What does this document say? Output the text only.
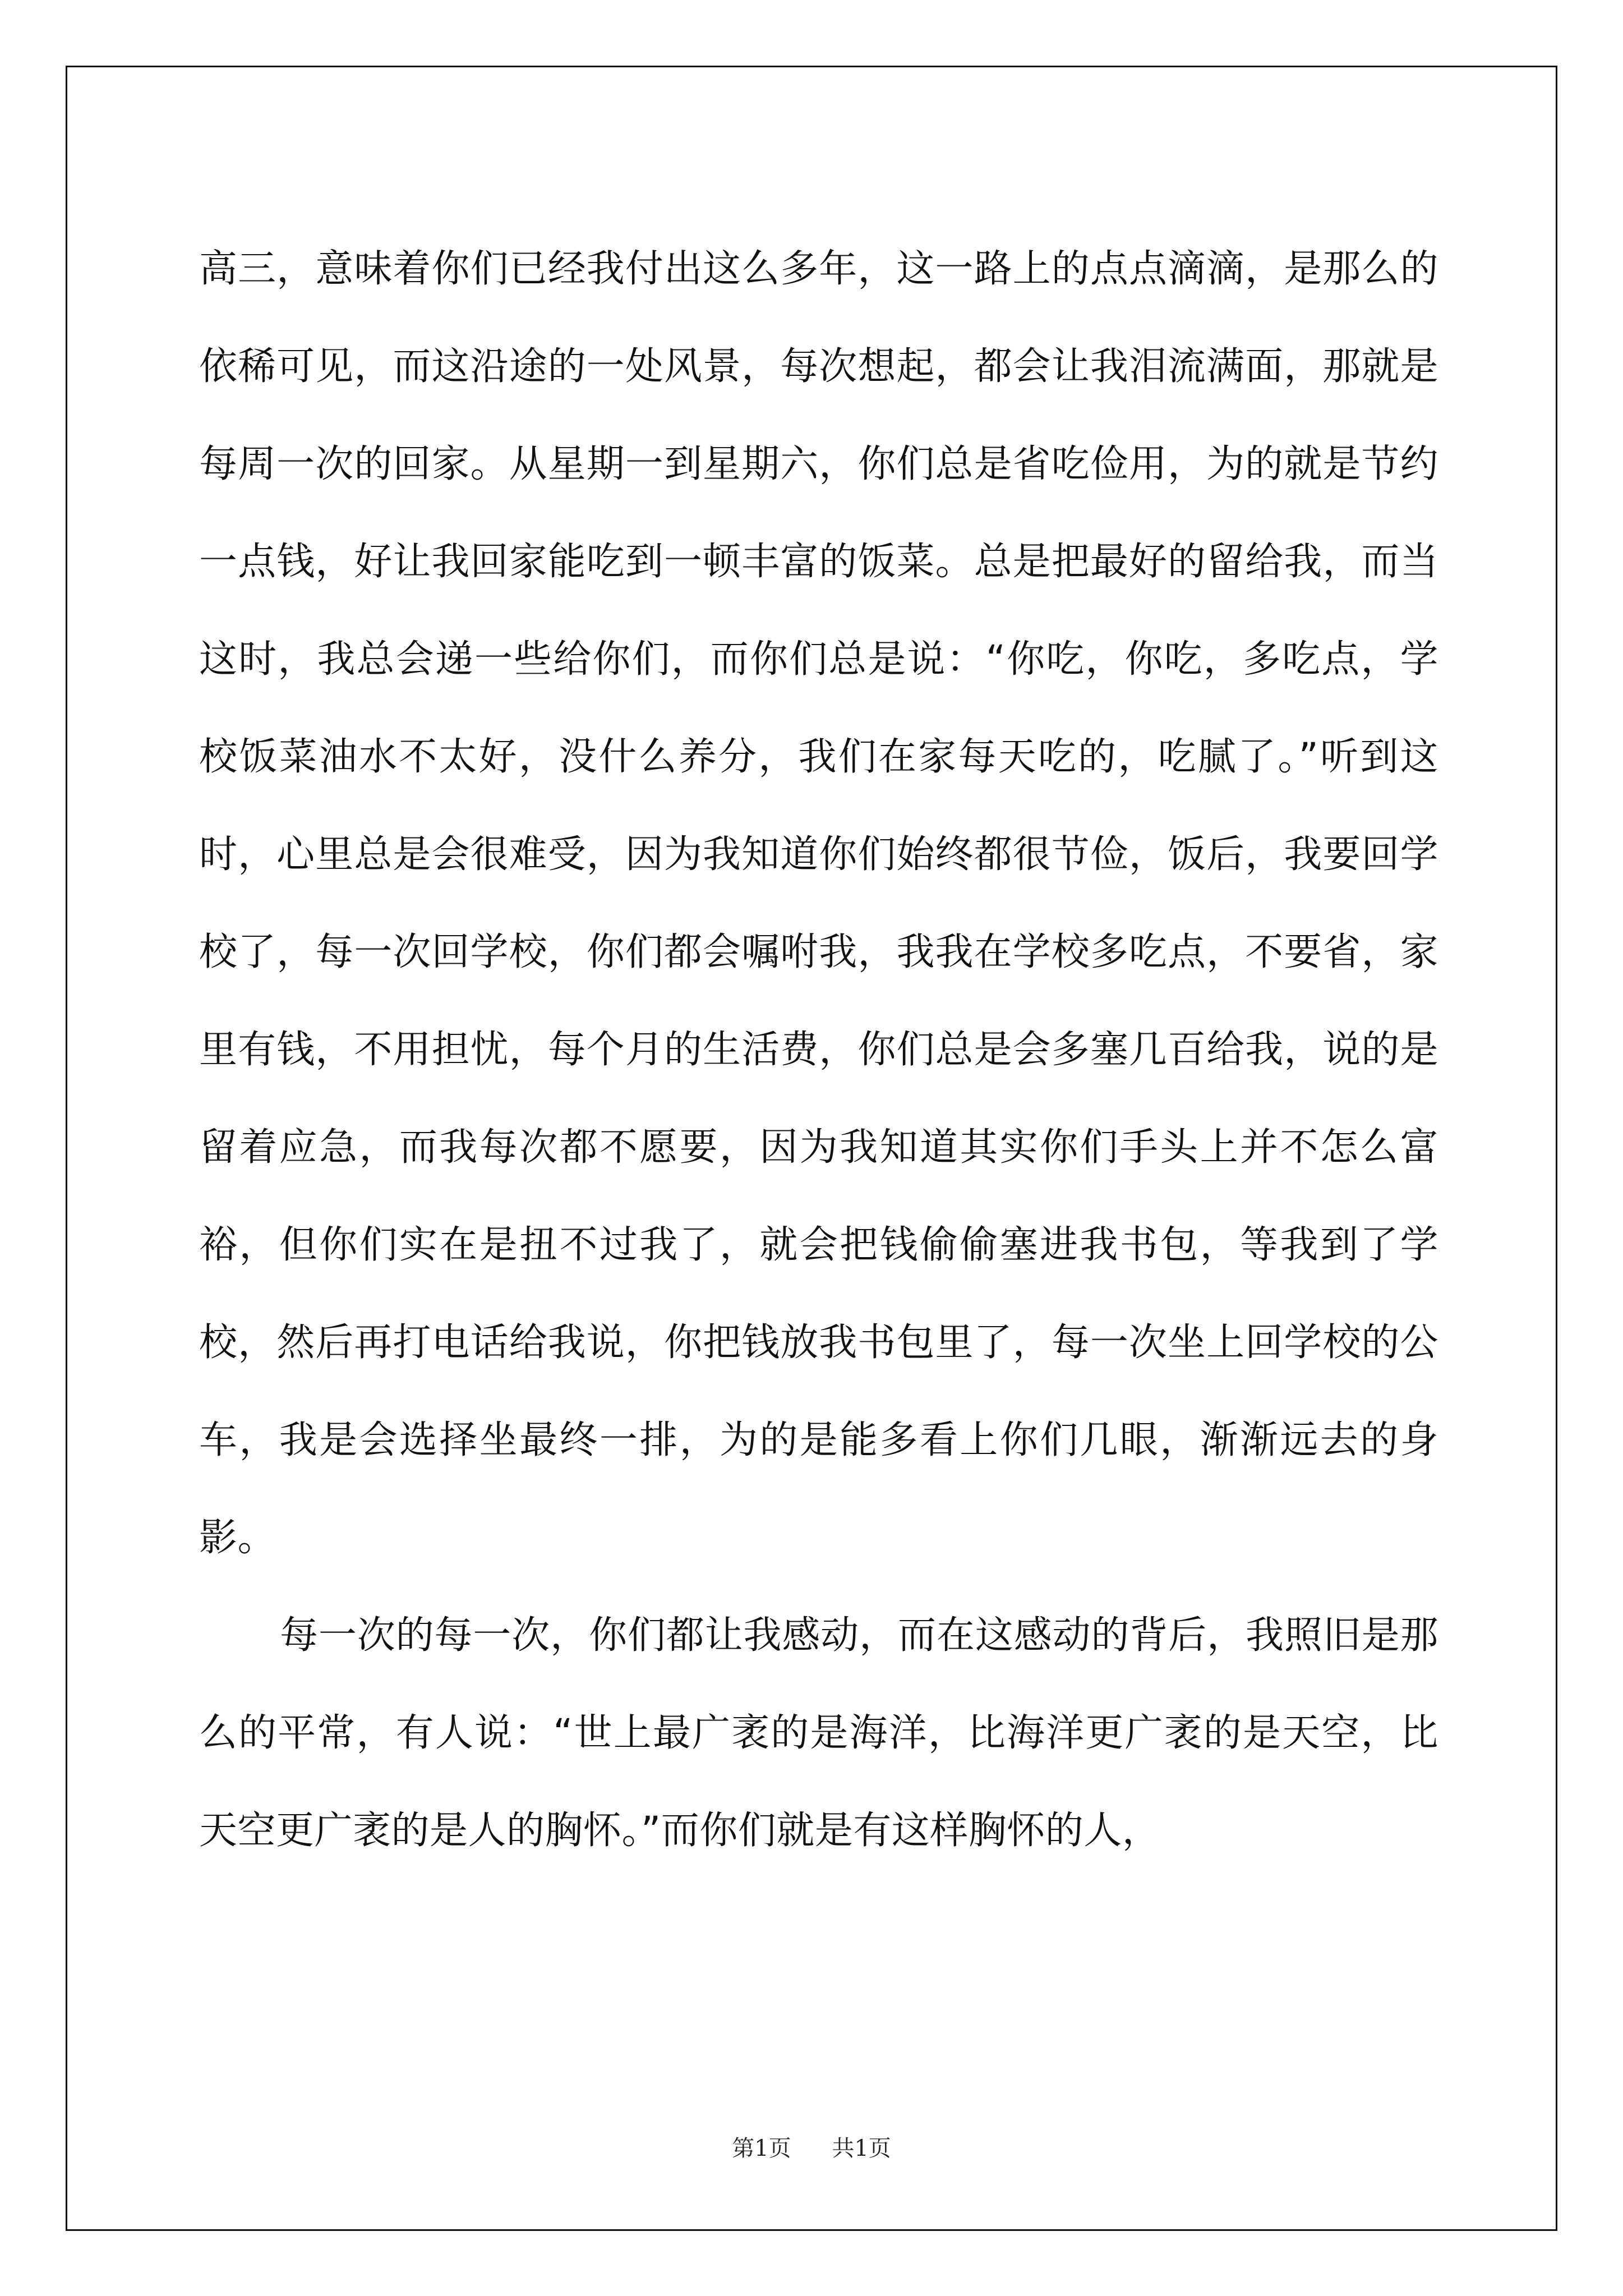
高三，意味着你们已经我付出这么多年，这一路上的点点滴滴，是那么的依稀可见，而这沿途的一处风景，每次想起，都会让我泪流满面，那就是每周一次的回家。从星期一到星期六，你们总是省吃俭用，为的就是节约一点钱，好让我回家能吃到一顿丰富的饭菜。总是把最好的留给我，而当这时，我总会递一些给你们，而你们总是说：“你吃，你吃，多吃点，学校饭菜油水不太好，没什么养分，我们在家每天吃的，吃腻了。”听到这时，心里总是会很难受，因为我知道你们始终都很节俭，饭后，我要回学校了，每一次回学校，你们都会嘱咐我，我我在学校多吃点，不要省，家里有钱，不用担忧，每个月的生活费，你们总是会多塞几百给我，说的是留着应急，而我每次都不愿要，因为我知道其实你们手头上并不怎么富裕，但你们实在是扭不过我了，就会把钱偷偷塞进我书包，等我到了学校，然后再打电话给我说，你把钱放我书包里了，每一次坐上回学校的公车，我是会选择坐最终一排，为的是能多看上你们几眼，渐渐远去的身影。

每一次的每一次，你们都让我感动，而在这感动的背后，我照旧是那么的平常，有人说：“世上最广袤的是海洋，比海洋更广袤的是天空，比天空更广袤的是人的胸怀。”而你们就是有这样胸怀的人，

第1页 共1页
